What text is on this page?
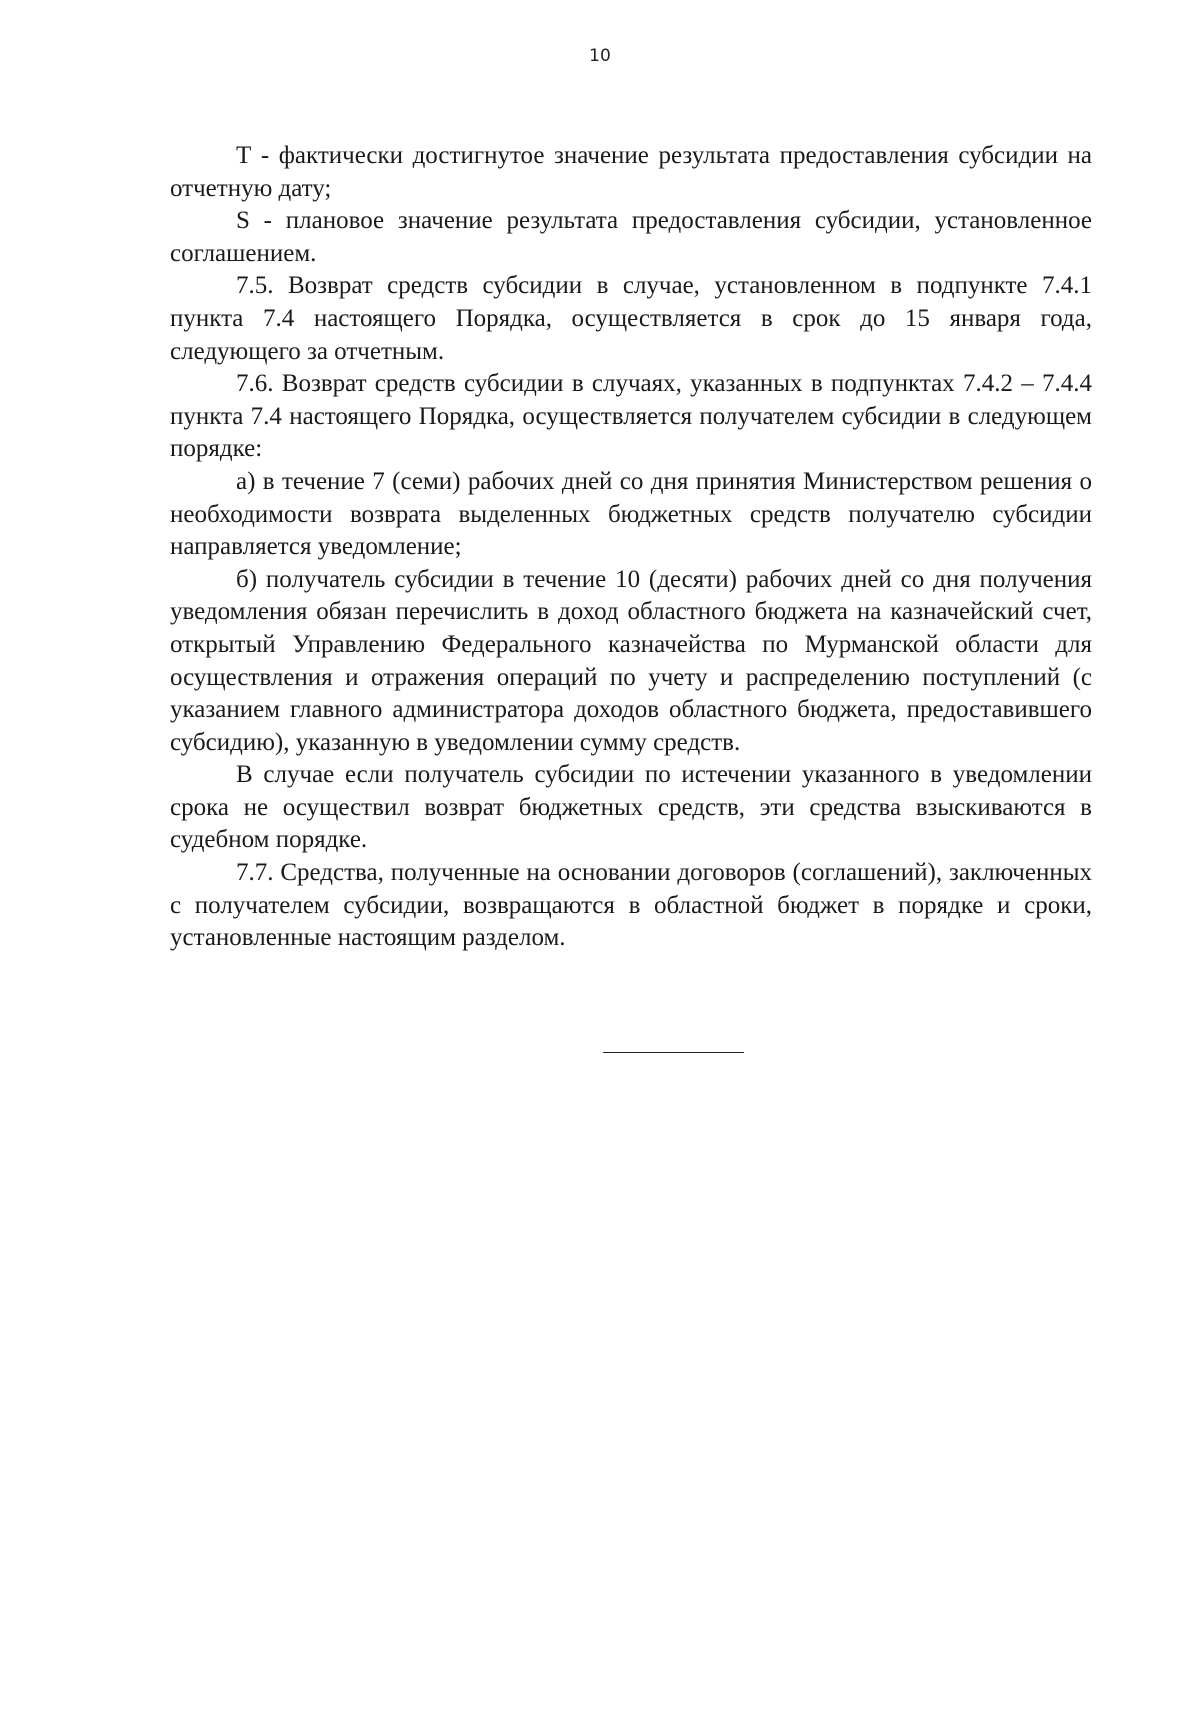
10

Т - фактически достигнутое значение результата предоставления субсидии на отчетную дату;

S - плановое значение результата предоставления субсидии, установленное соглашением.

7.5. Возврат средств субсидии в случае, установленном в подпункте 7.4.1 пункта 7.4 настоящего Порядка, осуществляется в срок до 15 января года, следующего за отчетным.

7.6. Возврат средств субсидии в случаях, указанных в подпунктах 7.4.2 – 7.4.4 пункта 7.4 настоящего Порядка, осуществляется получателем субсидии в следующем порядке:

а) в течение 7 (семи) рабочих дней со дня принятия Министерством решения о необходимости возврата выделенных бюджетных средств получателю субсидии направляется уведомление;

б) получатель субсидии в течение 10 (десяти) рабочих дней со дня получения уведомления обязан перечислить в доход областного бюджета на казначейский счет, открытый Управлению Федерального казначейства по Мурманской области для осуществления и отражения операций по учету и распределению поступлений (с указанием главного администратора доходов областного бюджета, предоставившего субсидию), указанную в уведомлении сумму средств.

В случае если получатель субсидии по истечении указанного в уведомлении срока не осуществил возврат бюджетных средств, эти средства взыскиваются в судебном порядке.

7.7. Средства, полученные на основании договоров (соглашений), заключенных с получателем субсидии, возвращаются в областной бюджет в порядке и сроки, установленные настоящим разделом.
